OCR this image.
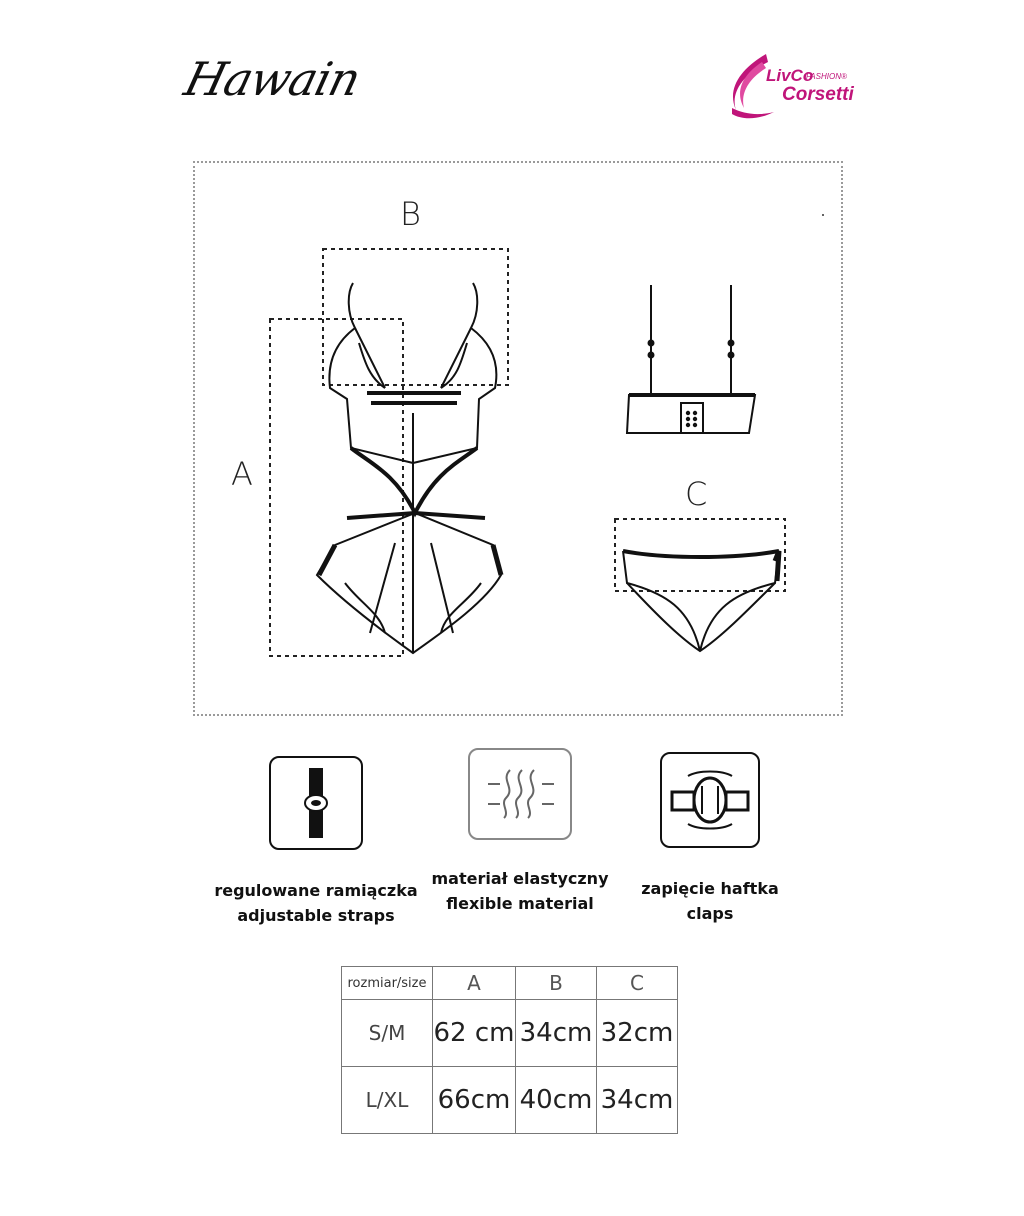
Hawain	LivCo
FASHION®
Corsetti
B
A
C
regulowane ramiączka
adjustable straps
materiał elastyczny
flexible material
zapięcie haftka
claps
rozmiar/size	A	B	C
S/M	62 cm	34cm	32cm
L/XL	66cm	40cm	34cm
